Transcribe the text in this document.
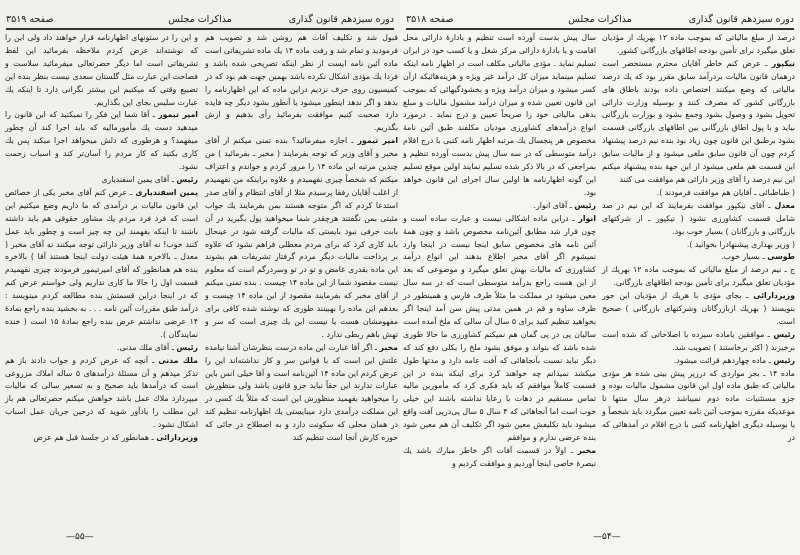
دوره سیزدهم قانون گذاری
مذاکرات مجلس
صفحه ۳۵۱۹

قبول شد و تکلیف آفات هم روشن شد و تصویب هم فرمودید و تمام شد و رفت ماده ۱۴ یك ماده تشریفاتی است ماده آئین نامه ایست از نظر اینکه تصریحی شده باشد و فردا یك مؤدی اشکال نکرده باشد بهمین جهت هم بود که در کمیسیون روی حرف نزدیم دراین ماده که این اظهارنامه را بدهد و اگر ندهد اینطور میشود یا آنطور بشود دیگر چه فایده دارد صحبت کنیم موافقت بفرمائید رأی بدهیم و ازش بگذریم.

امیر تیمور ـ اجازه میفرمائید؟ بنده تمنی میکنم از آقای مخبر و آقای وزیر که توجه بفرمایند ( مخبر ـ بفرمائید ) من چندین مرتبه این ماده ۱۴ را مرور کردم و خواندم و اعتراف میکنم که شخصاً چیزی نفهمیدم و علاوه براینکه من نفهمیدم از اغلب آقایان رفقا پرسیدم مثلا از آقای انتظام و آقای صدر استدعا کردم که اگر متوجه هستند بمن بفرمایند یك جواب مثبتی بمن نگفتند هرچقدر شما میخواهید پول بگیرید در آن بابت حرفی نبود بایستی که مالیات گرفته شود در عینحال باید کاری کرد که برای مردم معطلی فراهم نشود که علاوه بر پرداخت مالیات دیگر مردم گرفتار تشریفات هم بشوند این ماده بقدری غامض و تو در تو وسردرگم است که معلوم نیست مقصود شما از این ماده ۱۴ چیست . بنده تمنی میکنم از آقای مخبر که بفرمایند مقصود از این ماده ۱۴ چیست و بعدهم این ماده را بهبینند طوری که نوشته شده کافی برای مفهومشان هست یا نیست این یك چیزی است که سر و تهش باهم ربطی ندارد .

مخبر ـ اگر آقا عبارت این ماده درست بنظرشان آشنا نیامده علتش این است که با قوانین سر و کار نداشته‌اند این را عرض کردم این ماده ۱۴ آئین‌نامه است و آقا خیلی انس باین عبارات ندارند این حقاً نباید جزو قانون باشد ولی منظورش را میخواهید بفهمید منظورش این است که مثلاً یك کسی در این مملکت درآمدی دارد میبایستی یك اظهارنامه تنظیم کند در همان محلی که سکونت دارد و به اصطلاح در جائی که حوزه کارش آنجا است تنظیم کند

و این را در ستونهای اظهارنامه قرار خواهند داد ولی این را که نوشته‌اند عرض کردم ملاحظه بفرمائید این لفظ تشریفاتی است اما دیگر حضرتعالی میفرمائید سلاست و فصاحت این عبارت مثل گلستان سعدی نیست بنظر بنده این تضییع وقتی که میکنیم این بیشتر نگرانی دارد تا اینکه یك عبارت سلیس بجای این بگذاریم.

امیر تیمور ـ آقا شما این فکر را نمیکنید که این قانون را میدهید دست یك مأمورمالیه که باید اجرا کند آن چطور میفهمد؟ و هرطوری که دلش میخواهد اجرا میکند پس یك کاری بکنید که کار مردم را آسان‌تر کند و اسباب زحمت نشود.

رئیس ـ آقای یمین اسفندیاری

یمین اسفندیاری ـ عرض کنم آقای مخبر یکی از خصائص این قانون مالیات بر درآمدی که ما داریم وضع میکنیم این است که فرد فرد مردم یك مشاور حقوقی هم باید داشته باشند تا اینکه بفهمند این چه چیز است و چطور باید عمل کنند خوب! نه آقای وزیر دارائی توجه میکنند نه آقای مخبر ( معدل ـ بالاخره همهٔ هیئت دولت اینجا هستند آقا ) بالاخره بنده هم همانطور که آقای امیرتیمور فرمودند چیزی نفهمیدم قسمت اول را حالا ما کاری نداریم ولی خواستم عرض کنم که در اینجا دراین قسمتش بنده مطالعه کردم مینویسد : درآمد طبق مقررات آئین نامه . . . به بخشید بنده راجع بمادهٔ ۱۴ عرضی نداشتم عرض بنده راجع بمادهٔ ۱۵ است ( خنده نمایندگان ).

رئیس ـ آقای ملك مدنی.

ملك مدنی ـ آنچه که عرض کردم و جواب دادند باز هم تذکر میدهم و آن مسئلهٔ درآمدهای ۵ ساله املاك مزروعی است که درآمدها باید صحیح و به تسعیر سالی که مالیات میپردازد ملاك عمل باشد خواهش میکنم حضرتعالی هم باز این مطلب را یادآور شوید که درحین جریان عمل اسباب اشکال نشود .

وزیردارائی ـ همانطور که در جلسهٔ قبل هم عرض

—۵۵—
دوره سیزدهم قانون گذاری
مذاکرات مجلس
صفحه ۳۵۱۸

درصد از مبلغ مالیاتی که بموجب ماده ۱۲ بهریك از مؤدیان تعلق میگیرد برای تأمین بودجه اطاقهای بازرگانی کشور.

نیکپور ـ عرض کنم خاطر آقایان محترم مستحضر است درهمان قانون مالیات بردرآمد سابق مقرر بود که یك درصد مالیاتی که وضع میکنند اختصاص داده بودند باطاق های بازرگانی کشور که مصرف کنند و بوسیله وزارت دارائی تحویل بشود و وصول بشود وجمع بشود و بوزارت بازرگانی بیاید و با پول اطاق بازرگانی بین اطاقهای بازرگانی قسمت بشود برطبق این قانون چون زیاد بود بنده نیم درصد پیشنهاد کردم چون آن قانون سابق ملغی میشود و از مالیات سابق این قسمت هم ملغی میشود از این جهة بنده پیشنهاد میکنم این نیم درصد را آقای وزیر دارائی هم موافقت می کنند

( طباطبائی ـ آقایان هم موافقت فرمودند ).

معدل ـ آقای نیکپور موافقت بفرمایند که این نیم در صد شامل قسمت کشاورزی نشود ( نیکپور ـ از شرکتهای بازرگانی و بازرگانان ) بسیار خوب بود.

( وزیر بهداری پیشنهادرا بخوانید ).

طوسی ـ بسیار خوب.

ج ـ نیم درصد از مبلغ مالیاتی که بموجب ماده ۱۲ بهریك از مؤدیان تعلق میگیرد برای تأمین بودجه اطاقهای بازرگانی.

وزیردارائی ـ بجای مؤدی با هریك از مؤدیان این جور بنویسند ( بهریك ازبازرگانان وشرکتهای بازرگانی ) صحیح است.

رئیس ـ موافقین باماده سیزده با اصلاحاتی که شده است برخیزند ( اکثر برخاستند ) تصویب شد.

رئیس ـ ماده چهاردهم قرائت میشود.

ماده ۱۴ ـ بجز مواردی که درزیر پیش بینی شده هر مؤدی مالیاتی که طبق ماده اول این قانون مشمول مالیات بوده و جزو مستثنیات ماده دوم نمیباشد درهر سال منتها تا موعدیکه مقرره بموجب آئین نامه تعیین میگردد باید شخصاً و یا بوسیله دیگری اظهارنامه کتبی با درج اقلام در آمدهائی که در

سال پیش بدست آورده است تنظیم و بادارهٔ دارائی محل اقامت و یا بادارهٔ دارائی مرکز شغل و یا کسب خود در ایران تسلیم نماید . مؤدی مالیاتی مکلف است در اظهار نامه اینکه تسلیم مینماید میزان کل درآمد غیر ویژه و هزینه‌هائیکه ازآن کسر میشود و میزان درآمد ویژه و بخشودگیهائی که بموجب این قانون تعیین شده و میزان درآمد مشمول مالیات و مبلغ بدهی مالیاتی خود را صریحاً تعیین و درج نماید . درمورد انواع درآمدهای کشاورزی مودیان مکلفند طبق آئین نامهٔ مخصوص هر پنجسال یك مرتبه اظهار نامه کتبی با درج اقلام درآمد متوسطی که در سه سال پیش بدست آورده تنظیم و بمراجعی که در بالا ذکر شده تسلیم نمایند اولین موقع تسلیم این گونه اظهارنامه ها اولین سال اجرای این قانون خواهد بود.

رئیس ـ آقای انوار.

انوار ـ دراین ماده اشکالی نیست و عبارت ساده است و چون قرار شد مطابق آئین‌نامه مخصوص باشد و چون همهٔ آئین نامه های مخصوص سابق اینجا نیست در اینجا وارد نمیشوم اگر آقای مخبر اطلاع بدهند این انواع درآمد کشاورزی که مالیات بهش تعلق میگیرد و موضوعی که بعد از این هست راجع بدرآمد متوسطی است که در سه سال معین میشود در مملکت ما مثلاً طرف فارس و همینطور در طرف ساوه و قم در همین مدتی پیش سن آمد اینجا اگر بخواهید تنظیم کنید برای ۵ سال آن سالی که ملخ آمده است سالیان پی در پی گمان هم نمیکنم کشاورزی ما حالا طوری شده باشد که بتواند و موفق بشود ملخ را بکلی دفع کند که دیگر نباید نسبت بآنجاهائی که آفت عامه دارد و مدتها طول میکشد نمیدانم چه خواهند کرد برای اینکه بنده در این قسمت کاملاً موافقم که باید فکری کرد که مأمورین مالیه تماس مستقیم در دهات با رعایا نداشته باشند این خیلی خوب است اما آنجاهائی که ۴ سال ۵ سال پی‌درپی آفت واقع میشود باید تکلیفش معین شود اگر تکلیف آن هم معین شود بنده عرضی ندارم و موافقم

مخبر ـ اولاً در قسمت آفات اگر خاطر مبارك باشد یك تبصرهٔ خاصی اینجا آوردیم و موافقت کردیم و

—۵۴—
